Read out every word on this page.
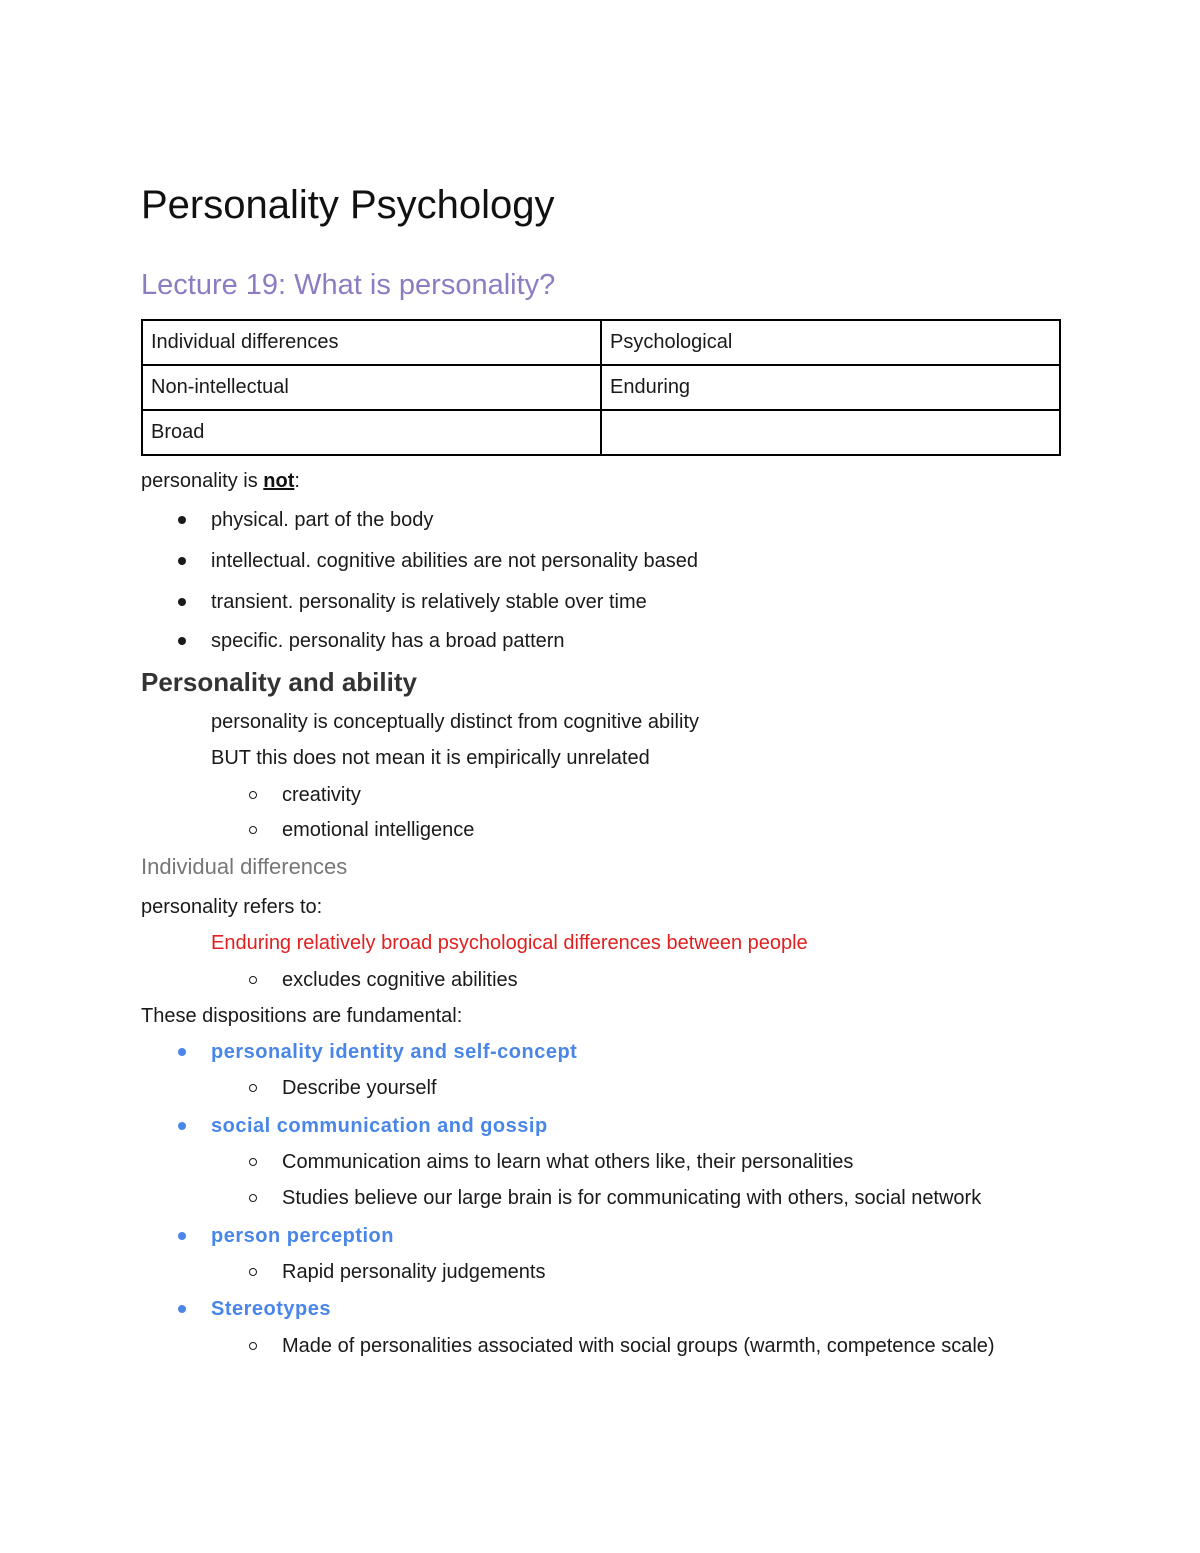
Personality Psychology
Lecture 19: What is personality?
Individual differences	Psychological
Non-intellectual	Enduring
Broad	
personality is not:
physical. part of the body
intellectual. cognitive abilities are not personality based
transient. personality is relatively stable over time
specific. personality has a broad pattern
Personality and ability
personality is conceptually distinct from cognitive ability
BUT this does not mean it is empirically unrelated
creativity
emotional intelligence
Individual differences
personality refers to:
Enduring relatively broad psychological differences between people
excludes cognitive abilities
These dispositions are fundamental:
personality identity and self-concept
Describe yourself
social communication and gossip
Communication aims to learn what others like, their personalities
Studies believe our large brain is for communicating with others, social network
person perception
Rapid personality judgements
Stereotypes
Made of personalities associated with social groups (warmth, competence scale)
